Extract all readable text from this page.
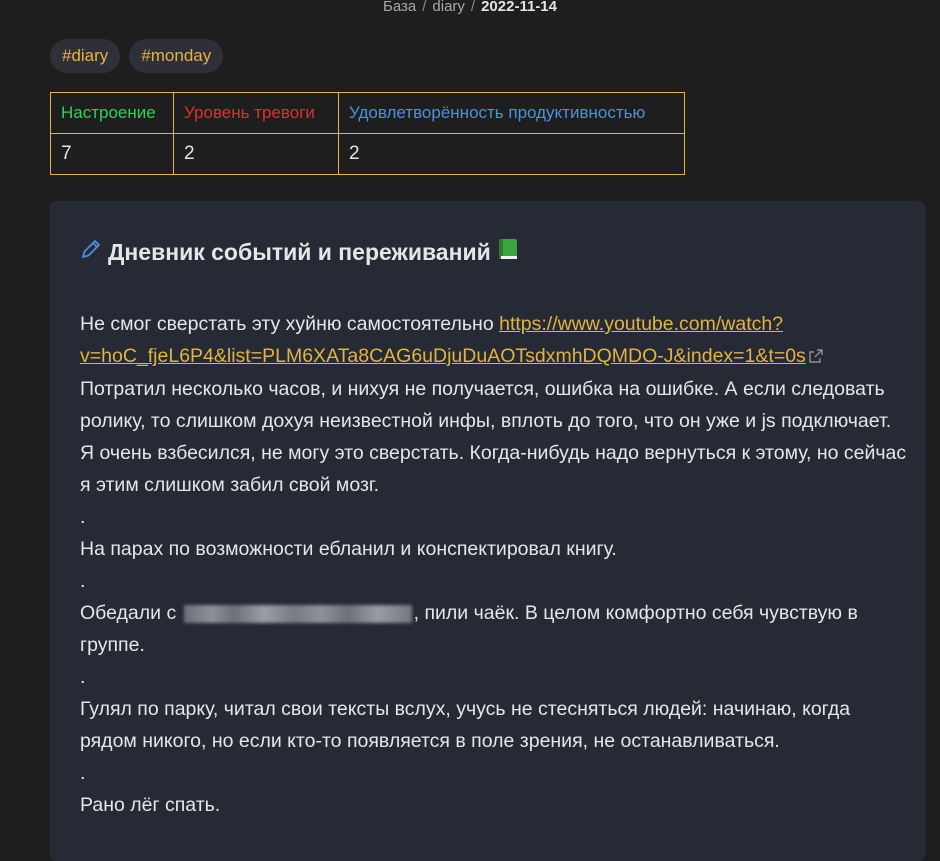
База / diary / 2022-11-14
#diary	#monday
Настроение	Уровень тревоги	Удовлетворённость продуктивностью
7	2	2
Дневник событий и переживаний

Не смог сверстать эту хуйню самостоятельно https://www.youtube.com/watch?
v=hoC_fjeL6P4&list=PLM6XATa8CAG6uDjuDuAOTsdxmhDQMDO-J&index=1&t=0s
Потратил несколько часов, и нихуя не получается, ошибка на ошибке. А если следовать ролику, то слишком дохуя неизвестной инфы, вплоть до того, что он уже и js подключает. Я очень взбесился, не могу это сверстать. Когда-нибудь надо вернуться к этому, но сейчас я этим слишком забил свой мозг.

.

На парах по возможности ебланил и конспектировал книгу.

.

Обедали с	, пили чаёк. В целом комфортно себя чувствую в группе.

.

Гулял по парку, читал свои тексты вслух, учусь не стесняться людей: начинаю, когда рядом никого, но если кто-то появляется в поле зрения, не останавливаться.

.

Рано лёг спать.
